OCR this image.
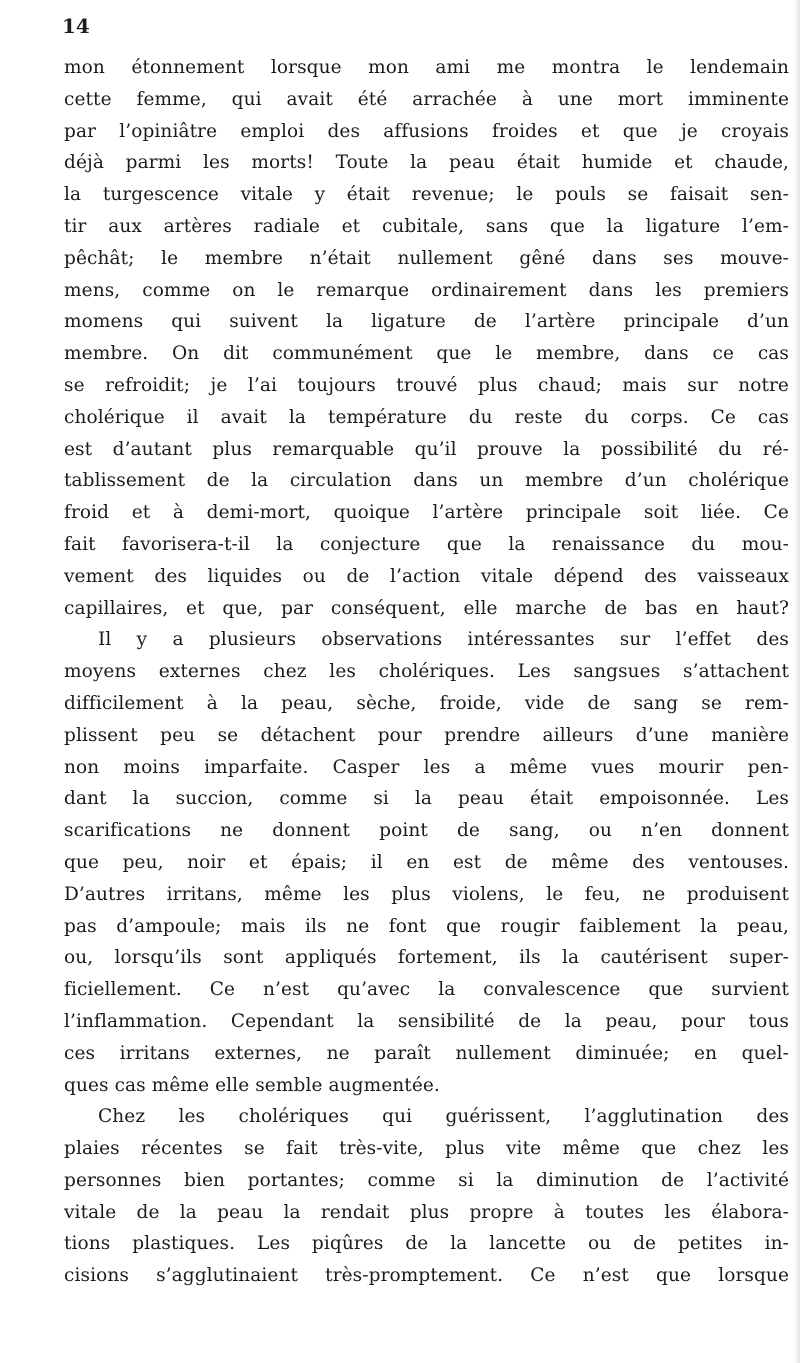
14
mon étonnement lorsque mon ami me montra le lendemain
cette femme, qui avait été arrachée à une mort imminente
par l’opiniâtre emploi des affusions froides et que je croyais
déjà parmi les morts! Toute la peau était humide et chaude,
la turgescence vitale y était revenue; le pouls se faisait sen-
tir aux artères radiale et cubitale, sans que la ligature l’em-
pêchât; le membre n’était nullement gêné dans ses mouve-
mens, comme on le remarque ordinairement dans les premiers
momens qui suivent la ligature de l’artère principale d’un
membre. On dit communément que le membre, dans ce cas
se refroidit; je l’ai toujours trouvé plus chaud; mais sur notre
cholérique il avait la température du reste du corps. Ce cas
est d’autant plus remarquable qu’il prouve la possibilité du ré-
tablissement de la circulation dans un membre d’un cholérique
froid et à demi-mort, quoique l’artère principale soit liée. Ce
fait favorisera-t-il la conjecture que la renaissance du mou-
vement des liquides ou de l’action vitale dépend des vaisseaux
capillaires, et que, par conséquent, elle marche de bas en haut?
Il y a plusieurs observations intéressantes sur l’effet des
moyens externes chez les cholériques. Les sangsues s’attachent
difficilement à la peau, sèche, froide, vide de sang se rem-
plissent peu se détachent pour prendre ailleurs d’une manière
non moins imparfaite. Casper les a même vues mourir pen-
dant la succion, comme si la peau était empoisonnée. Les
scarifications ne donnent point de sang, ou n’en donnent
que peu, noir et épais; il en est de même des ventouses.
D’autres irritans, même les plus violens, le feu, ne produisent
pas d’ampoule; mais ils ne font que rougir faiblement la peau,
ou, lorsqu’ils sont appliqués fortement, ils la cautérisent super-
ficiellement. Ce n’est qu’avec la convalescence que survient
l’inflammation. Cependant la sensibilité de la peau, pour tous
ces irritans externes, ne paraît nullement diminuée; en quel-
ques cas même elle semble augmentée.
Chez les cholériques qui guérissent, l’agglutination des
plaies récentes se fait très-vite, plus vite même que chez les
personnes bien portantes; comme si la diminution de l’activité
vitale de la peau la rendait plus propre à toutes les élabora-
tions plastiques. Les piqûres de la lancette ou de petites in-
cisions s’agglutinaient très-promptement. Ce n’est que lorsque
